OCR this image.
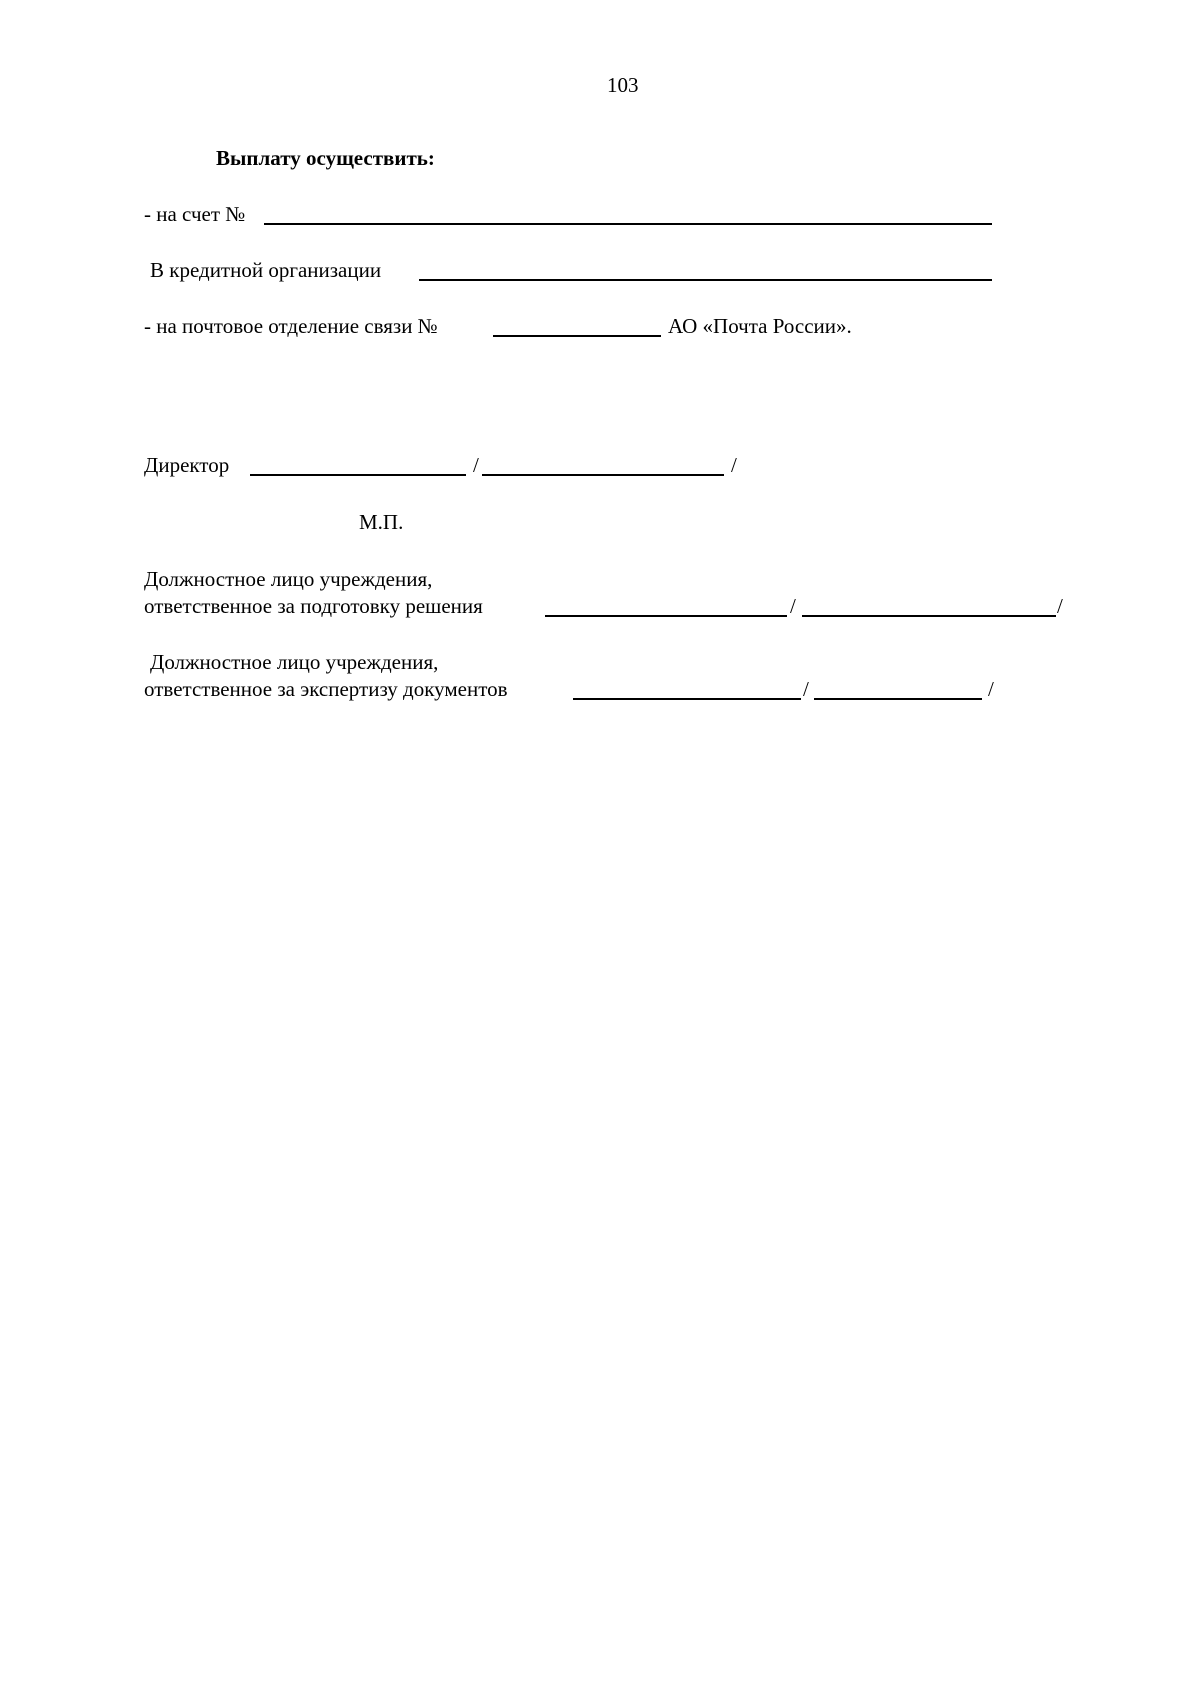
103
Выплату осуществить:
- на счет №
В кредитной организации
- на почтовое отделение связи №	АО «Почта России».
Директор	/	/
М.П.
Должностное лицо учреждения,
ответственное за подготовку решения	/	/
Должностное лицо учреждения,
ответственное за экспертизу документов	/	/
